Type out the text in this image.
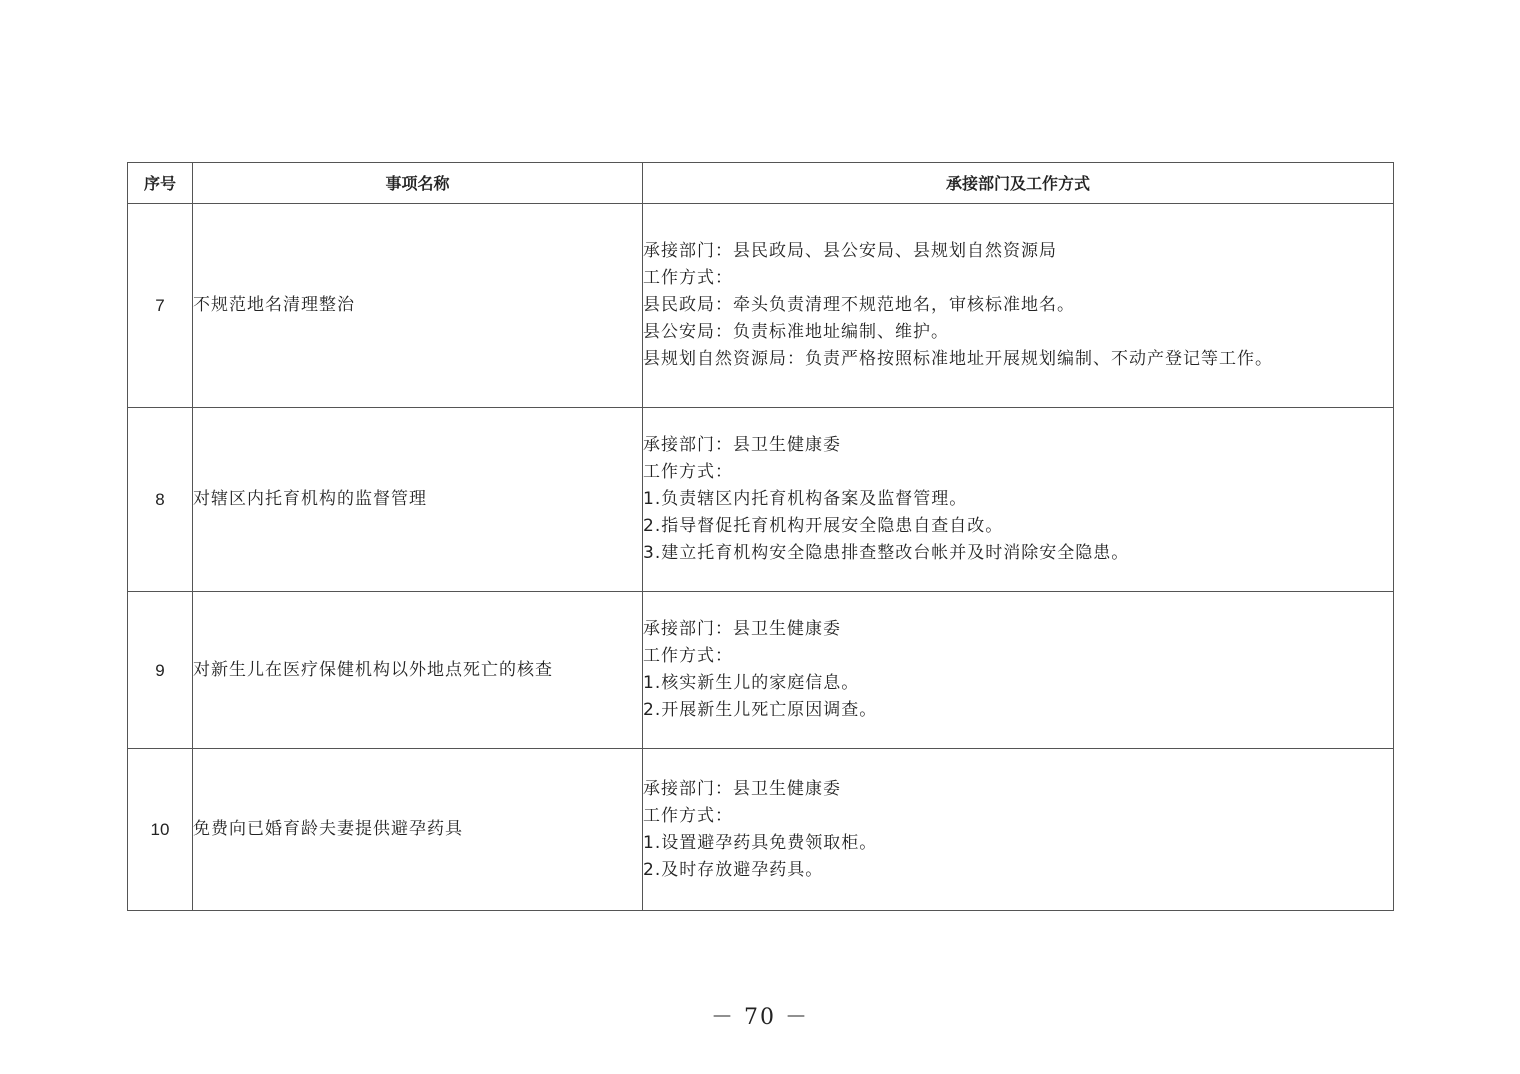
序号	事项名称	承接部门及工作方式
7	不规范地名清理整治	承接部门：县民政局、县公安局、县规划自然资源局
工作方式：
县民政局：牵头负责清理不规范地名，审核标准地名。
县公安局：负责标准地址编制、维护。
县规划自然资源局：负责严格按照标准地址开展规划编制、不动产登记等工作。

8	对辖区内托育机构的监督管理	承接部门：县卫生健康委
工作方式：
1.负责辖区内托育机构备案及监督管理。
2.指导督促托育机构开展安全隐患自查自改。
3.建立托育机构安全隐患排查整改台帐并及时消除安全隐患。

9	对新生儿在医疗保健机构以外地点死亡的核查	承接部门：县卫生健康委
工作方式：
1.核实新生儿的家庭信息。
2.开展新生儿死亡原因调查。

10	免费向已婚育龄夫妻提供避孕药具	承接部门：县卫生健康委
工作方式：
1.设置避孕药具免费领取柜。
2.及时存放避孕药具。
－ 70 －
